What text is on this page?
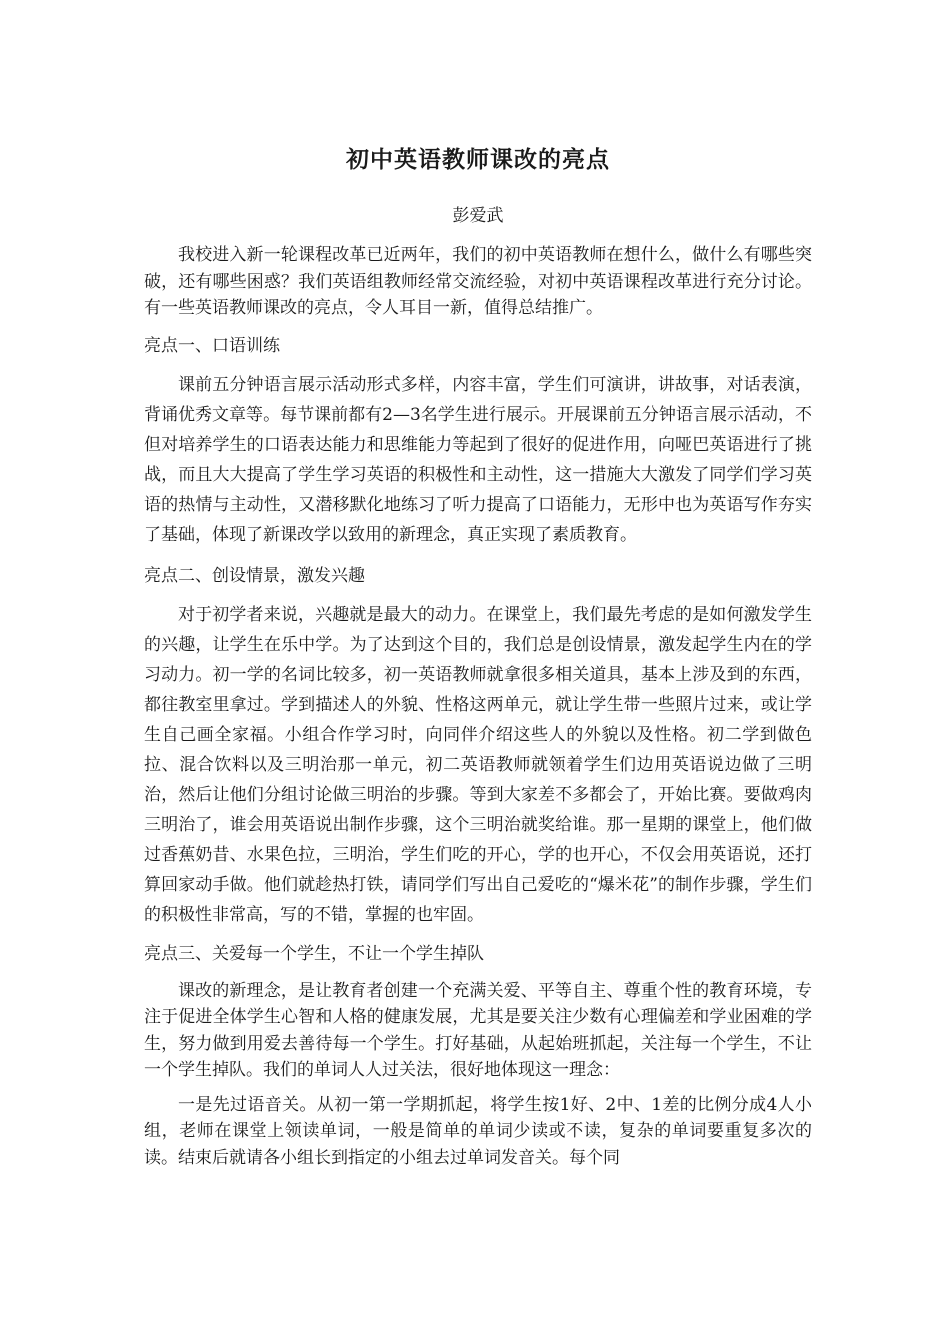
初中英语教师课改的亮点
彭爱武

我校进入新一轮课程改革已近两年，我们的初中英语教师在想什么，做什么有哪些突破，还有哪些困惑？我们英语组教师经常交流经验，对初中英语课程改革进行充分讨论。有一些英语教师课改的亮点，令人耳目一新，值得总结推广。

亮点一、口语训练

课前五分钟语言展示活动形式多样，内容丰富，学生们可演讲，讲故事，对话表演，背诵优秀文章等。每节课前都有2—3名学生进行展示。开展课前五分钟语言展示活动，不但对培养学生的口语表达能力和思维能力等起到了很好的促进作用，向哑巴英语进行了挑战，而且大大提高了学生学习英语的积极性和主动性，这一措施大大激发了同学们学习英语的热情与主动性，又潜移默化地练习了听力提高了口语能力，无形中也为英语写作夯实了基础，体现了新课改学以致用的新理念，真正实现了素质教育。

亮点二、创设情景，激发兴趣

对于初学者来说，兴趣就是最大的动力。在课堂上，我们最先考虑的是如何激发学生的兴趣，让学生在乐中学。为了达到这个目的，我们总是创设情景，激发起学生内在的学习动力。初一学的名词比较多，初一英语教师就拿很多相关道具，基本上涉及到的东西，都往教室里拿过。学到描述人的外貌、性格这两单元，就让学生带一些照片过来，或让学生自己画全家福。小组合作学习时，向同伴介绍这些人的外貌以及性格。初二学到做色拉、混合饮料以及三明治那一单元，初二英语教师就领着学生们边用英语说边做了三明治，然后让他们分组讨论做三明治的步骤。等到大家差不多都会了，开始比赛。要做鸡肉三明治了，谁会用英语说出制作步骤，这个三明治就奖给谁。那一星期的课堂上，他们做过香蕉奶昔、水果色拉，三明治，学生们吃的开心，学的也开心，不仅会用英语说，还打算回家动手做。他们就趁热打铁，请同学们写出自己爱吃的“爆米花”的制作步骤，学生们的积极性非常高，写的不错，掌握的也牢固。

亮点三、关爱每一个学生，不让一个学生掉队

课改的新理念，是让教育者创建一个充满关爱、平等自主、尊重个性的教育环境，专注于促进全体学生心智和人格的健康发展，尤其是要关注少数有心理偏差和学业困难的学生，努力做到用爱去善待每一个学生。打好基础，从起始班抓起，关注每一个学生，不让一个学生掉队。我们的单词人人过关法，很好地体现这一理念：

一是先过语音关。从初一第一学期抓起，将学生按1好、2中、1差的比例分成4人小组，老师在课堂上领读单词，一般是简单的单词少读或不读，复杂的单词要重复多次的读。结束后就请各小组长到指定的小组去过单词发音关。每个同
